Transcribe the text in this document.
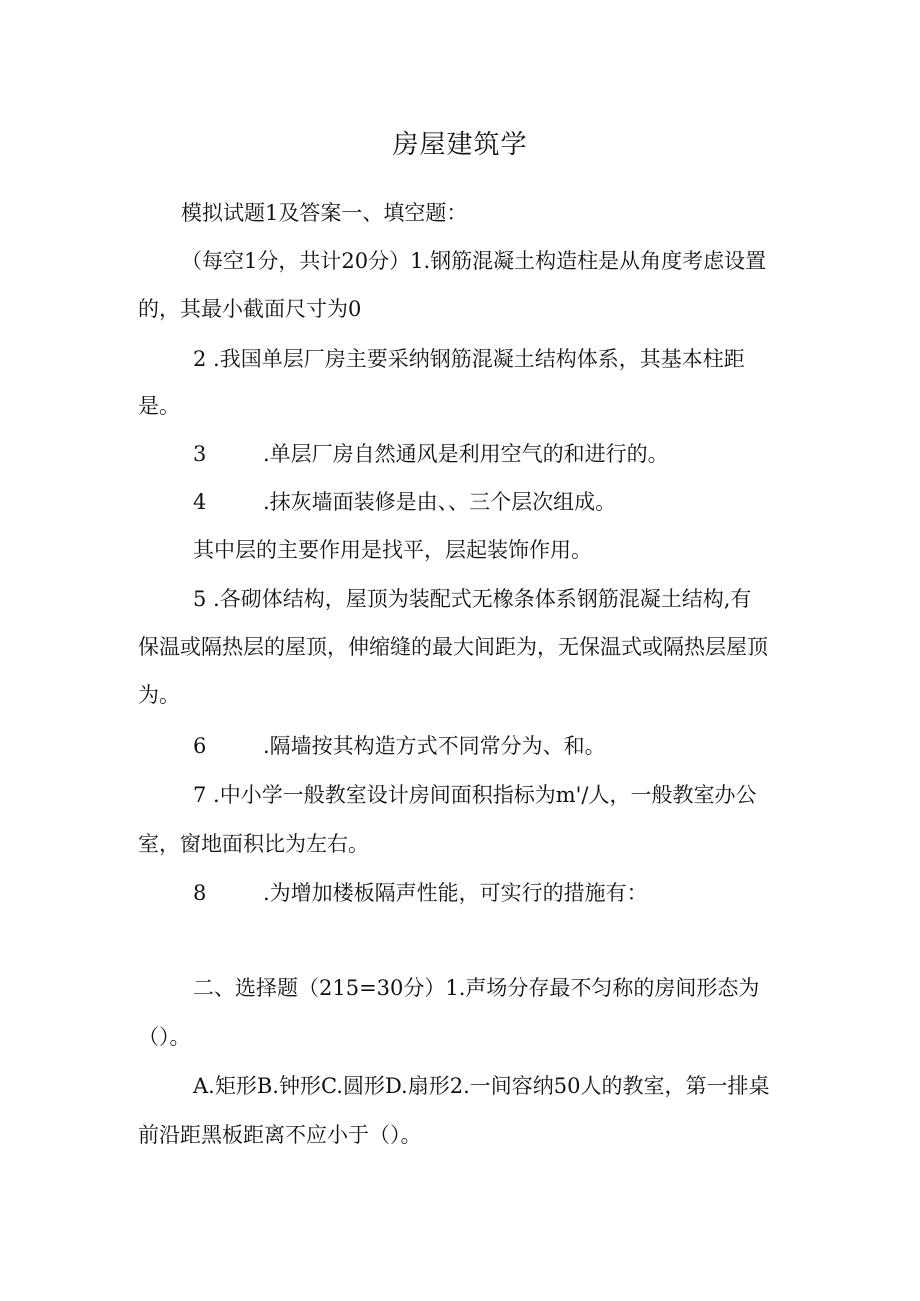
房屋建筑学
模拟试题1及答案一、填空题：
（每空1分，共计20分）1.钢筋混凝土构造柱是从角度考虑设置
的，其最小截面尺寸为0
2 .我国单层厂房主要采纳钢筋混凝土结构体系，其基本柱距
是。
3	.单层厂房自然通风是利用空气的和进行的。
4	.抹灰墙面装修是由、、三个层次组成。
其中层的主要作用是找平，层起装饰作用。
5 .各砌体结构，屋顶为装配式无橡条体系钢筋混凝土结构,有
保温或隔热层的屋顶，伸缩缝的最大间距为，无保温式或隔热层屋顶
为。
6	.隔墙按其构造方式不同常分为、和。
7 .中小学一般教室设计房间面积指标为m'/人，一般教室办公
室，窗地面积比为左右。
8	.为增加楼板隔声性能，可实行的措施有：
二、选择题（215=30分）1.声场分存最不匀称的房间形态为
（）。
A.矩形B.钟形C.圆形D.扇形2.一间容纳50人的教室，第一排桌
前沿距黑板距离不应小于（）。
